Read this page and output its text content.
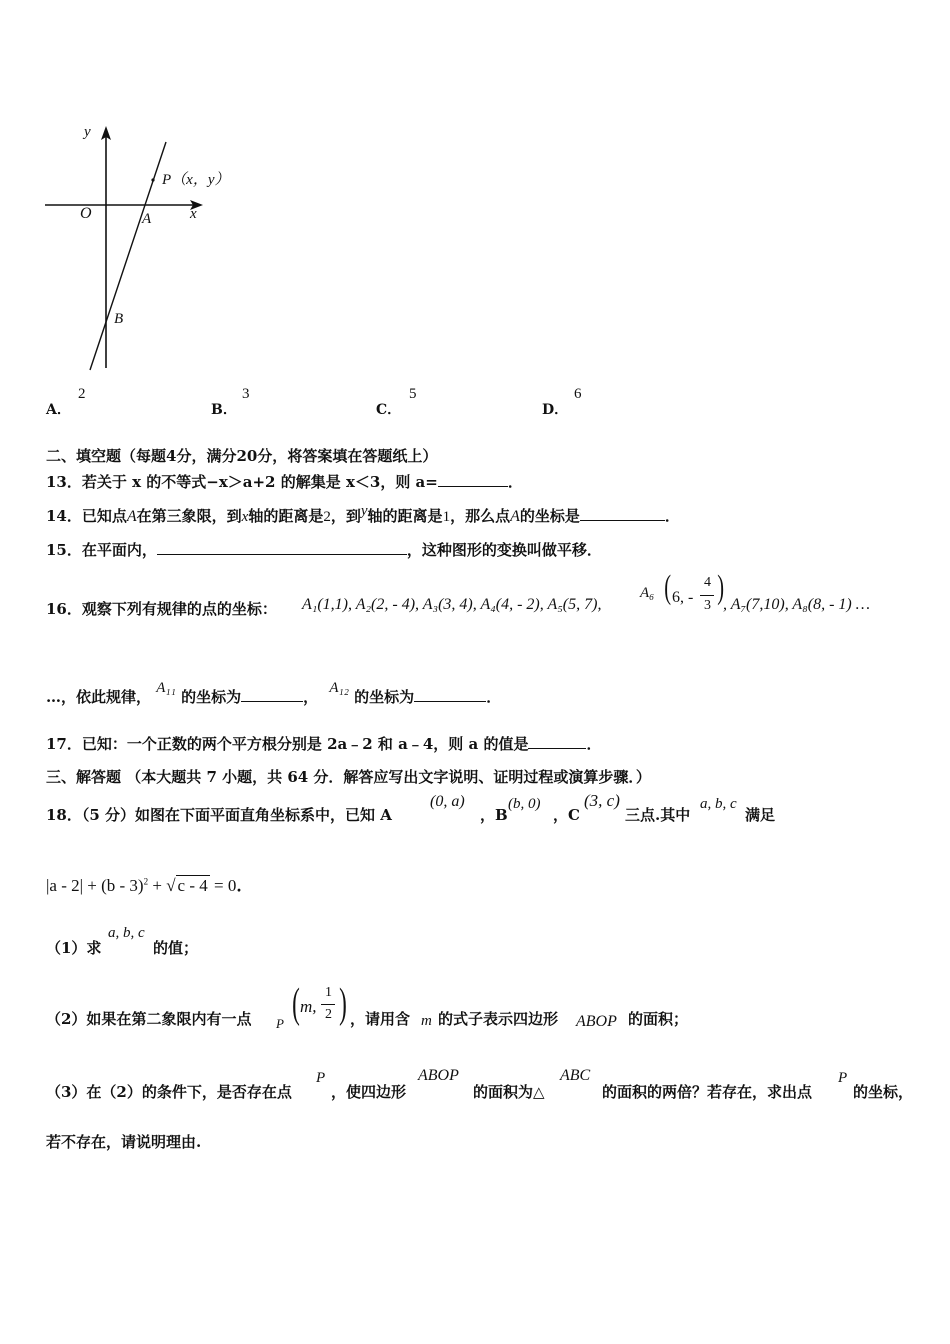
y
x
O
P（x，y）
A
B
A．
2
B．
3
C．
5
D．
6
二、填空题（每题4分，满分20分，将答案填在答题纸上）
13．若关于 x 的不等式−x＞a+2 的解集是 x＜3，则 a=	．
14．已知点A在第三象限，到x轴的距离是2，到y轴的距离是1，那么点A的坐标是	．
15．在平面内，	，这种图形的变换叫做平移．
16．观察下列有规律的点的坐标： A₁(1,1), A₂(2, - 4), A₃(3, 4), A₄(4, - 2), A₅(5, 7),
A₆ ( 6, -
4
3 )
, A₇(7,10), A₈(8, - 1) …
…，依此规律， A₁₁ 的坐标为	， A₁₂ 的坐标为	．
17．已知：一个正数的两个平方根分别是 2a﹣2 和 a﹣4，则 a 的值是	．
三、解答题 （本大题共 7 小题，共 64 分．解答应写出文字说明、证明过程或演算步骤．）
18．（5 分）如图在下面平面直角坐标系中，已知 A
(0, a)
，B
(b, 0)
，C
(3, c)
三点.其中
a, b, c
满足
|a - 2| + (b - 3)$^2$ + √ c - 4 = 0．
（1）求
a, b, c
的值；
（2）如果在第二象限内有一点 P ( m,
1
2 ) ，请用含 m 的式子表示四边形 ABOP 的面积；
（3）在（2）的条件下，是否存在点
P
，使四边形
ABOP
的面积为△
ABC
的面积的两倍？若存在，求出点
P
的坐标，
若不存在，请说明理由.
